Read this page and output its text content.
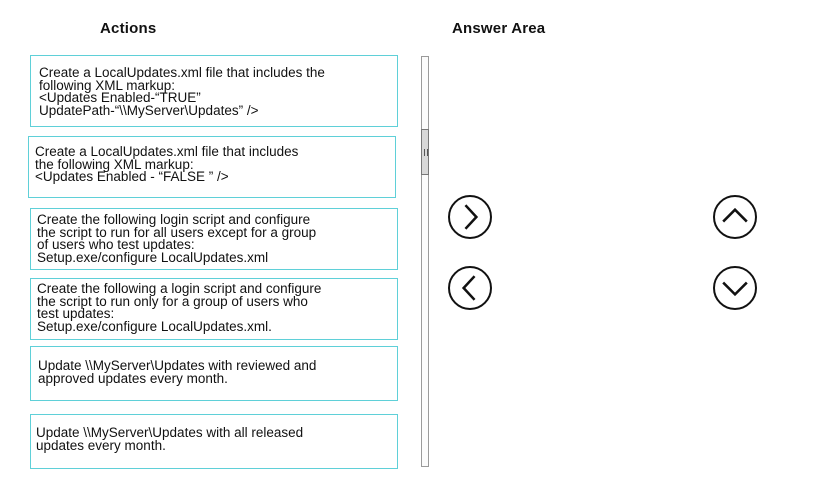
Actions	Answer Area
Create a LocalUpdates.xml file that includes the
following XML markup:
<Updates Enabled-“TRUE”
UpdatePath-“\\MyServer\Updates” />
Create a LocalUpdates.xml file that includes
the following XML markup:
<Updates Enabled - “FALSE ” />
Create the following login script and configure
the script to run for all users except for a group
of users who test updates:
Setup.exe/configure LocalUpdates.xml
Create the following a login script and configure
the script to run only for a group of users who
test updates:
Setup.exe/configure LocalUpdates.xml.
Update \\MyServer\Updates with reviewed and
approved updates every month.
Update \\MyServer\Updates with all released
updates every month.
